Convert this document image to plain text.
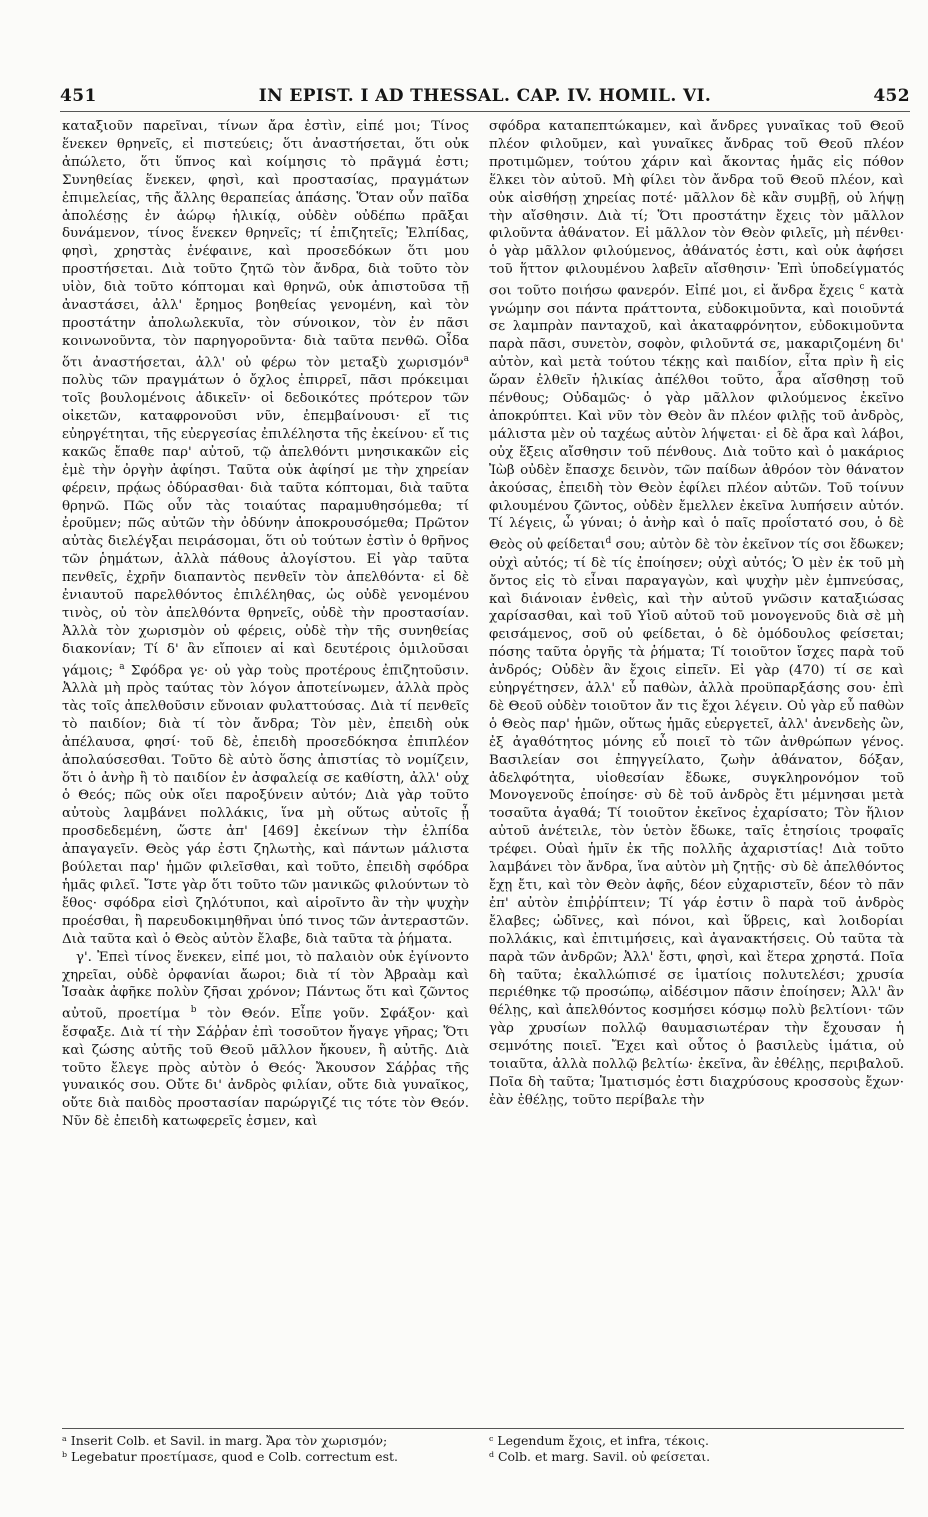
451	IN EPIST. I AD THESSAL. CAP. IV. HOMIL. VI.	452

καταξιοῦν παρεῖναι, τίνων ἄρα ἐστὶν, εἰπέ μοι; Τίνος ἕνεκεν θρηνεῖς, εἰ πιστεύεις; ὅτι ἀναστήσεται, ὅτι οὐκ ἀπώλετο, ὅτι ὕπνος καὶ κοίμησις τὸ πρᾶγμά ἐστι; Συνηθείας ἕνεκεν, φησὶ, καὶ προστασίας, πραγμάτων ἐπιμελείας, τῆς ἄλλης θεραπείας ἁπάσης. Ὅταν οὖν παῖδα ἀπολέσῃς ἐν ἀώρῳ ἡλικίᾳ, οὐδὲν οὐδέπω πρᾶξαι δυνάμενον, τίνος ἕνεκεν θρηνεῖς; τί ἐπιζητεῖς; Ἐλπίδας, φησὶ, χρηστὰς ἐνέφαινε, καὶ προσεδόκων ὅτι μου προστήσεται. Διὰ τοῦτο ζητῶ τὸν ἄνδρα, διὰ τοῦτο τὸν υἱὸν, διὰ τοῦτο κόπτομαι καὶ θρηνῶ, οὐκ ἀπιστοῦσα τῇ ἀναστάσει, ἀλλ' ἔρημος βοηθείας γενομένη, καὶ τὸν προστάτην ἀπολωλεκυῖα, τὸν σύνοικον, τὸν ἐν πᾶσι κοινωνοῦντα, τὸν παρηγοροῦντα· διὰ ταῦτα πενθῶ. Οἶδα ὅτι ἀναστήσεται, ἀλλ' οὐ φέρω τὸν μεταξὺ χωρισμόν$^a$ πολὺς τῶν πραγμάτων ὁ ὄχλος ἐπιρρεῖ, πᾶσι πρόκειμαι τοῖς βουλομένοις ἀδικεῖν· οἱ δεδοικότες πρότερον τῶν οἰκετῶν, καταφρονοῦσι νῦν, ἐπεμβαίνουσι· εἴ τις εὐηργέτηται, τῆς εὐεργεσίας ἐπιλέληστα τῆς ἐκείνου· εἴ τις κακῶς ἔπαθε παρ' αὐτοῦ, τῷ ἀπελθόντι μνησικακῶν εἰς ἐμὲ τὴν ὀργὴν ἀφίησι. Ταῦτα οὐκ ἀφίησί με τὴν χηρείαν φέρειν, πρᾴως ὀδύρασθαι· διὰ ταῦτα κόπτομαι, διὰ ταῦτα θρηνῶ. Πῶς οὖν τὰς τοιαύτας παραμυθησόμεθα; τί ἐροῦμεν; πῶς αὐτῶν τὴν ὀδύνην ἀποκρουσόμεθα; Πρῶτον αὐτὰς διελέγξαι πειράσομαι, ὅτι οὐ τούτων ἐστὶν ὁ θρῆνος τῶν ῥημάτων, ἀλλὰ πάθους ἀλογίστου. Εἰ γὰρ ταῦτα πενθεῖς, ἐχρῆν διαπαντὸς πενθεῖν τὸν ἀπελθόντα· εἰ δὲ ἐνιαυτοῦ παρελθόντος ἐπιλέληθας, ὡς οὐδὲ γενομένου τινὸς, οὐ τὸν ἀπελθόντα θρηνεῖς, οὐδὲ τὴν προστασίαν. Ἀλλὰ τὸν χωρισμὸν οὐ φέρεις, οὐδὲ τὴν τῆς συνηθείας διακονίαν; Τί δ' ἂν εἴποιεν αἱ καὶ δευτέροις ὁμιλοῦσαι γάμοις; $^a$ Σφόδρα γε· οὐ γὰρ τοὺς προτέρους ἐπιζητοῦσιν. Ἀλλὰ μὴ πρὸς ταύτας τὸν λόγον ἀποτείνωμεν, ἀλλὰ πρὸς τὰς τοῖς ἀπελθοῦσιν εὔνοιαν φυλαττούσας. Διὰ τί πενθεῖς τὸ παιδίον; διὰ τί τὸν ἄνδρα; Τὸν μὲν, ἐπειδὴ οὐκ ἀπέλαυσα, φησί· τοῦ δὲ, ἐπειδὴ προσεδόκησα ἐπιπλέον ἀπολαύσεσθαι. Τοῦτο δὲ αὐτὸ ὅσης ἀπιστίας τὸ νομίζειν, ὅτι ὁ ἀνὴρ ἢ τὸ παιδίον ἐν ἀσφαλείᾳ σε καθίστη, ἀλλ' οὐχ ὁ Θεός; πῶς οὐκ οἴει παροξύνειν αὐτόν; Διὰ γὰρ τοῦτο αὐτοὺς λαμβάνει πολλάκις, ἵνα μὴ οὕτως αὐτοῖς ᾖ προσδεδεμένη, ὥστε ἀπ' [469] ἐκείνων τὴν ἐλπίδα ἀπαγαγεῖν. Θεὸς γάρ ἐστι ζηλωτὴς, καὶ πάντων μάλιστα βούλεται παρ' ἡμῶν φιλεῖσθαι, καὶ τοῦτο, ἐπειδὴ σφόδρα ἡμᾶς φιλεῖ. Ἴστε γὰρ ὅτι τοῦτο τῶν μανικῶς φιλούντων τὸ ἔθος· σφόδρα εἰσὶ ζηλότυποι, καὶ αἱροῖντο ἂν τὴν ψυχὴν προέσθαι, ἢ παρευδοκιμηθῆναι ὑπό τινος τῶν ἀντεραστῶν. Διὰ ταῦτα καὶ ὁ Θεὸς αὐτὸν ἔλαβε, διὰ ταῦτα τὰ ῥήματα.

γ'. Ἐπεὶ τίνος ἕνεκεν, εἰπέ μοι, τὸ παλαιὸν οὐκ ἐγίνοντο χηρεῖαι, οὐδὲ ὀρφανίαι ἄωροι; διὰ τί τὸν Ἀβραὰμ καὶ Ἰσαὰκ ἀφῆκε πολὺν ζῆσαι χρόνον; Πάντως ὅτι καὶ ζῶντος αὐτοῦ, προετίμα $^b$ τὸν Θεόν. Εἶπε γοῦν. Σφάξον· καὶ ἔσφαξε. Διὰ τί τὴν Σάῤῥαν ἐπὶ τοσοῦτον ἤγαγε γῆρας; Ὅτι καὶ ζώσης αὐτῆς τοῦ Θεοῦ μᾶλλον ἤκουεν, ἢ αὐτῆς. Διὰ τοῦτο ἔλεγε πρὸς αὐτὸν ὁ Θεός· Ἄκουσον Σάῤῥας τῆς γυναικός σου. Οὔτε δι' ἀνδρὸς φιλίαν, οὔτε διὰ γυναῖκος, οὔτε διὰ παιδὸς προστασίαν παρώργιζέ τις τότε τὸν Θεόν. Νῦν δὲ ἐπειδὴ κατωφερεῖς ἐσμεν, καὶ

σφόδρα καταπεπτώκαμεν, καὶ ἄνδρες γυναῖκας τοῦ Θεοῦ πλέον φιλοῦμεν, καὶ γυναῖκες ἄνδρας τοῦ Θεοῦ πλέον προτιμῶμεν, τούτου χάριν καὶ ἄκοντας ἡμᾶς εἰς πόθον ἕλκει τὸν αὐτοῦ. Μὴ φίλει τὸν ἄνδρα τοῦ Θεοῦ πλέον, καὶ οὐκ αἰσθήσῃ χηρείας ποτέ· μᾶλλον δὲ κἂν συμβῇ, οὐ λήψῃ τὴν αἴσθησιν. Διὰ τί; Ὅτι προστάτην ἔχεις τὸν μᾶλλον φιλοῦντα ἀθάνατον. Εἰ μᾶλλον τὸν Θεὸν φιλεῖς, μὴ πένθει· ὁ γὰρ μᾶλλον φιλούμενος, ἀθάνατός ἐστι, καὶ οὐκ ἀφήσει τοῦ ἥττον φιλουμένου λαβεῖν αἴσθησιν· Ἐπὶ ὑποδείγματός σοι τοῦτο ποιήσω φανερόν. Εἰπέ μοι, εἰ ἄνδρα ἔχεις $^c$ κατὰ γνώμην σοι πάντα πράττοντα, εὐδοκιμοῦντα, καὶ ποιοῦντά σε λαμπρὰν πανταχοῦ, καὶ ἀκαταφρόνητον, εὐδοκιμοῦντα παρὰ πᾶσι, συνετὸν, σοφὸν, φιλοῦντά σε, μακαριζομένη δι' αὐτὸν, καὶ μετὰ τούτου τέκῃς καὶ παιδίον, εἶτα πρὶν ἢ εἰς ὥραν ἐλθεῖν ἡλικίας ἀπέλθοι τοῦτο, ἆρα αἴσθησῃ τοῦ πένθους; Οὐδαμῶς· ὁ γὰρ μᾶλλον φιλούμενος ἐκεῖνο ἀποκρύπτει. Καὶ νῦν τὸν Θεὸν ἂν πλέον φιλῇς τοῦ ἀνδρὸς, μάλιστα μὲν οὐ ταχέως αὐτὸν λήψεται· εἰ δὲ ἄρα καὶ λάβοι, οὐχ ἕξεις αἴσθησιν τοῦ πένθους. Διὰ τοῦτο καὶ ὁ μακάριος Ἰὼβ οὐδὲν ἔπασχε δεινὸν, τῶν παίδων ἀθρόον τὸν θάνατον ἀκούσας, ἐπειδὴ τὸν Θεὸν ἐφίλει πλέον αὐτῶν. Τοῦ τοίνυν φιλουμένου ζῶντος, οὐδὲν ἔμελλεν ἐκεῖνα λυπήσειν αὐτόν. Τί λέγεις, ὦ γύναι; ὁ ἀνὴρ καὶ ὁ παῖς προΐστατό σου, ὁ δὲ Θεὸς οὐ φείδεται$^d$ σου; αὐτὸν δὲ τὸν ἐκεῖνον τίς σοι ἔδωκεν; οὐχὶ αὐτός; τί δὲ τίς ἐποίησεν; οὐχὶ αὐτός; Ὁ μὲν ἐκ τοῦ μὴ ὄντος εἰς τὸ εἶναι παραγαγὼν, καὶ ψυχὴν μὲν ἐμπνεύσας, καὶ διάνοιαν ἐνθεὶς, καὶ τὴν αὐτοῦ γνῶσιν καταξιώσας χαρίσασθαι, καὶ τοῦ Υἱοῦ αὐτοῦ τοῦ μονογενοῦς διὰ σὲ μὴ φεισάμενος, σοῦ οὐ φείδεται, ὁ δὲ ὁμόδουλος φείσεται; πόσης ταῦτα ὀργῆς τὰ ῥήματα; Τί τοιοῦτον ἴσχες παρὰ τοῦ ἀνδρός; Οὐδὲν ἂν ἔχοις εἰπεῖν. Εἰ γὰρ (470) τί σε καὶ εὐηργέτησεν, ἀλλ' εὖ παθὼν, ἀλλὰ προϋπαρξάσης σου· ἐπὶ δὲ Θεοῦ οὐδὲν τοιοῦτον ἄν τις ἔχοι λέγειν. Οὐ γὰρ εὖ παθὼν ὁ Θεὸς παρ' ἡμῶν, οὕτως ἡμᾶς εὐεργετεῖ, ἀλλ' ἀνενδεὴς ὢν, ἐξ ἀγαθότητος μόνης εὖ ποιεῖ τὸ τῶν ἀνθρώπων γένος. Βασιλείαν σοι ἐπηγγείλατο, ζωὴν ἀθάνατον, δόξαν, ἀδελφότητα, υἱοθεσίαν ἔδωκε, συγκληρονόμον τοῦ Μονογενοῦς ἐποίησε· σὺ δὲ τοῦ ἀνδρὸς ἔτι μέμνησαι μετὰ τοσαῦτα ἀγαθά; Τί τοιοῦτον ἐκεῖνος ἐχαρίσατο; Τὸν ἥλιον αὐτοῦ ἀνέτειλε, τὸν ὑετὸν ἔδωκε, ταῖς ἐτησίοις τροφαῖς τρέφει. Οὐαὶ ἡμῖν ἐκ τῆς πολλῆς ἀχαριστίας! Διὰ τοῦτο λαμβάνει τὸν ἄνδρα, ἵνα αὐτὸν μὴ ζητῇς· σὺ δὲ ἀπελθόντος ἔχῃ ἔτι, καὶ τὸν Θεὸν ἀφῆς, δέον εὐχαριστεῖν, δέον τὸ πᾶν ἐπ' αὐτὸν ἐπιῤῥίπτειν; Τί γάρ ἐστιν ὃ παρὰ τοῦ ἀνδρὸς ἔλαβες; ὠδῖνες, καὶ πόνοι, καὶ ὕβρεις, καὶ λοιδορίαι πολλάκις, καὶ ἐπιτιμήσεις, καὶ ἀγανακτήσεις. Οὐ ταῦτα τὰ παρὰ τῶν ἀνδρῶν; Ἀλλ' ἔστι, φησὶ, καὶ ἕτερα χρηστά. Ποῖα δὴ ταῦτα; ἐκαλλώπισέ σε ἱματίοις πολυτελέσι; χρυσία περιέθηκε τῷ προσώπῳ, αἰδέσιμον πᾶσιν ἐποίησεν; Ἀλλ' ἂν θέλῃς, καὶ ἀπελθόντος κοσμήσει κόσμῳ πολὺ βελτίονι· τῶν γὰρ χρυσίων πολλῷ θαυμασιωτέραν τὴν ἔχουσαν ἡ σεμνότης ποιεῖ. Ἔχει καὶ οὗτος ὁ βασιλεὺς ἱμάτια, οὐ τοιαῦτα, ἀλλὰ πολλῷ βελτίω· ἐκεῖνα, ἂν ἐθέλῃς, περιβαλοῦ. Ποῖα δὴ ταῦτα; Ἱματισμός ἐστι διαχρύσους κροσσοὺς ἔχων· ἐὰν ἐθέλῃς, τοῦτο περίβαλε τὴν

ᵃ Inserit Colb. et Savil. in marg. Ἄρα τὸν χωρισμόν;
ᵇ Legebatur προετίμασε, quod e Colb. correctum est.
ᶜ Legendum ἔχοις, et infra, τέκοις.
ᵈ Colb. et marg. Savil. οὐ φείσεται.
